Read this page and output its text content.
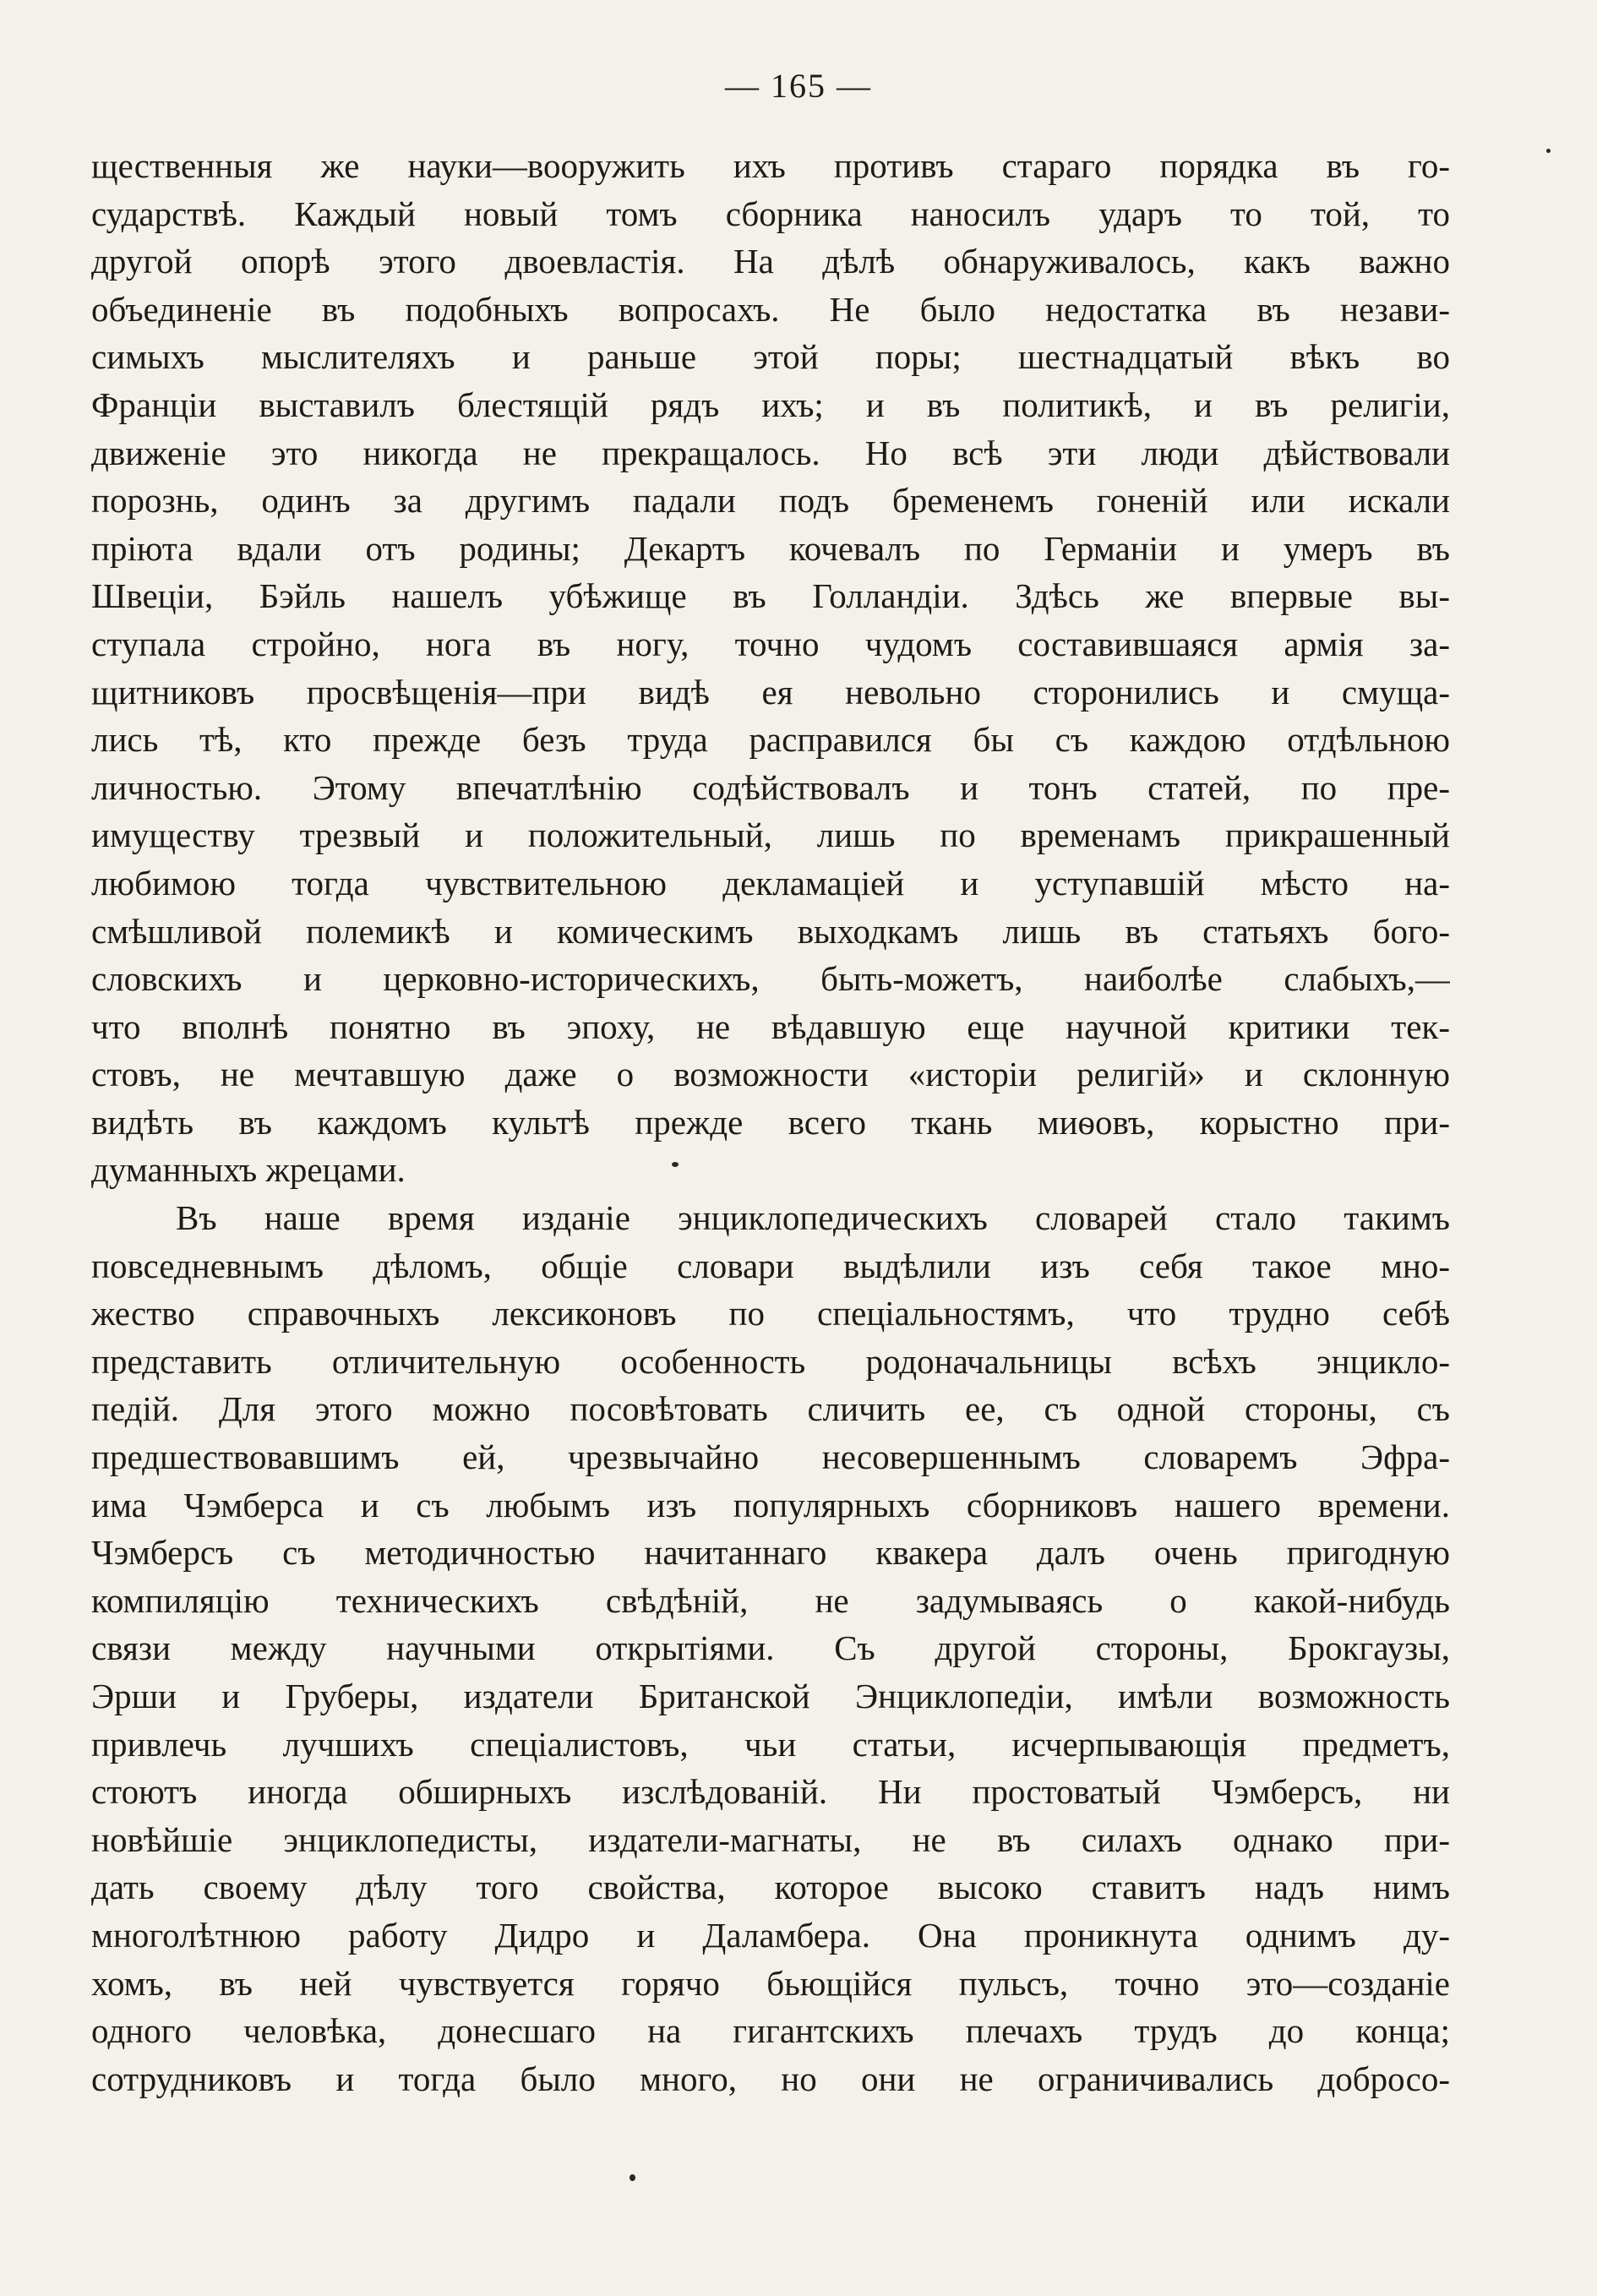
— 165 —
щественныя же науки—вооружить ихъ противъ стараго порядка въ го-
сударствѣ. Каждый новый томъ сборника наносилъ ударъ то той, то
другой опорѣ этого двоевластія. На дѣлѣ обнаруживалось, какъ важно
объединенiе въ подобныхъ вопросахъ. Не было недостатка въ незави-
симыхъ мыслителяхъ и раньше этой поры; шестнадцатый вѣкъ во
Франціи выставилъ блестящій рядъ ихъ; и въ политикѣ, и въ религіи,
движеніе это никогда не прекращалось. Но всѣ эти люди дѣйствовали
порознь, одинъ за другимъ падали подъ бременемъ гоненій или искали
пріюта вдали отъ родины; Декартъ кочевалъ по Германіи и умеръ въ
Швеціи, Бэйль нашелъ убѣжище въ Голландіи. Здѣсь же впервые вы-
ступала стройно, нога въ ногу, точно чудомъ составившаяся армія за-
щитниковъ просвѣщенія—при видѣ ея невольно сторонились и смуща-
лись тѣ, кто прежде безъ труда расправился бы съ каждою отдѣльною
личностью. Этому впечатлѣнію содѣйствовалъ и тонъ статей, по пре-
имуществу трезвый и положительный, лишь по временамъ прикрашенный
любимою тогда чувствительною декламаціей и уступавшій мѣсто на-
смѣшливой полемикѣ и комическимъ выходкамъ лишь въ статьяхъ бого-
словскихъ и церковно-историческихъ, быть-можетъ, наиболѣе слабыхъ,—
что вполнѣ понятно въ эпоху, не вѣдавшую еще научной критики тек-
стовъ, не мечтавшую даже о возможности «исторіи религій» и склонную
видѣть въ каждомъ культѣ прежде всего ткань миѳовъ, корыстно при-
думанныхъ жрецами.
Въ наше время изданіе энциклопедическихъ словарей стало такимъ
повседневнымъ дѣломъ, общіе словари выдѣлили изъ себя такое мно-
жество справочныхъ лексиконовъ по спеціальностямъ, что трудно себѣ
представить отличительную особенность родоначальницы всѣхъ энцикло-
педій. Для этого можно посовѣтовать сличить ее, съ одной стороны, съ
предшествовавшимъ ей, чрезвычайно несовершеннымъ словаремъ Эфра-
има Чэмберса и съ любымъ изъ популярныхъ сборниковъ нашего времени.
Чэмберсъ съ методичностью начитаннаго квакера далъ очень пригодную
компиляцію техническихъ свѣдѣній, не задумываясь о какой-нибудь
связи между научными открытіями. Съ другой стороны, Брокгаузы,
Эрши и Груберы, издатели Британской Энциклопедіи, имѣли возможность
привлечь лучшихъ спеціалистовъ, чьи статьи, исчерпывающія предметъ,
стоютъ иногда обширныхъ изслѣдованій. Ни простоватый Чэмберсъ, ни
новѣйшіе энциклопедисты, издатели-магнаты, не въ силахъ однако при-
дать своему дѣлу того свойства, которое высоко ставитъ надъ нимъ
многолѣтнюю работу Дидро и Даламбера. Она проникнута однимъ ду-
хомъ, въ ней чувствуется горячо бьющійся пульсъ, точно это—созданіе
одного человѣка, донесшаго на гигантскихъ плечахъ трудъ до конца;
сотрудниковъ и тогда было много, но они не ограничивались добросо-
